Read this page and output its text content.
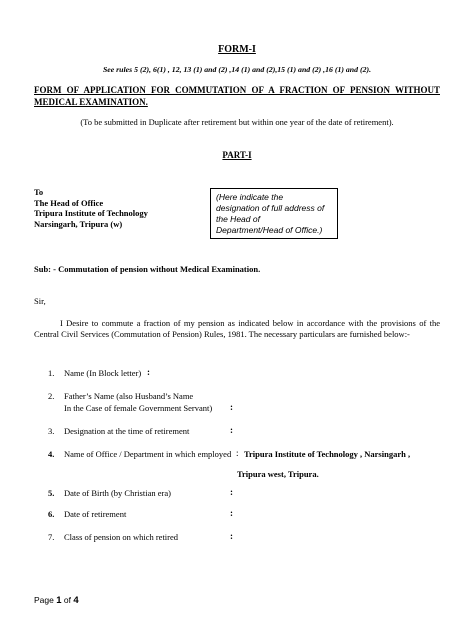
FORM-I
See rules 5 (2), 6(1) , 12, 13 (1) and (2) ,14 (1) and (2),15 (1) and (2) ,16 (1) and (2).
FORM OF APPLICATION FOR COMMUTATION OF A FRACTION OF PENSION WITHOUT
MEDICAL EXAMINATION.
(To be submitted in Duplicate after retirement but within one year of the date of retirement).
PART-I
To
The Head of Office
Tripura Institute of Technology
Narsingarh, Tripura (w)
(Here indicate the
designation of full address of
the Head of
Department/Head of Office.)
Sub: - Commutation of pension without Medical Examination.
Sir,
I Desire to commute a fraction of my pension as indicated below in accordance with the provisions of the
Central Civil Services (Commutation of Pension) Rules, 1981. The necessary particulars are furnished below:-
1. Name (In Block letter) :
2. Father’s Name (also Husband’s Name
In the Case of female Government Servant) :
3. Designation at the time of retirement	:
4. Name of Office / Department in which employed : Tripura Institute of Technology , Narsingarh ,
Tripura west, Tripura.
5. Date of Birth (by Christian era)	:
6. Date of retirement	:
7. Class of pension on which retired	:
Page 1 of 4
